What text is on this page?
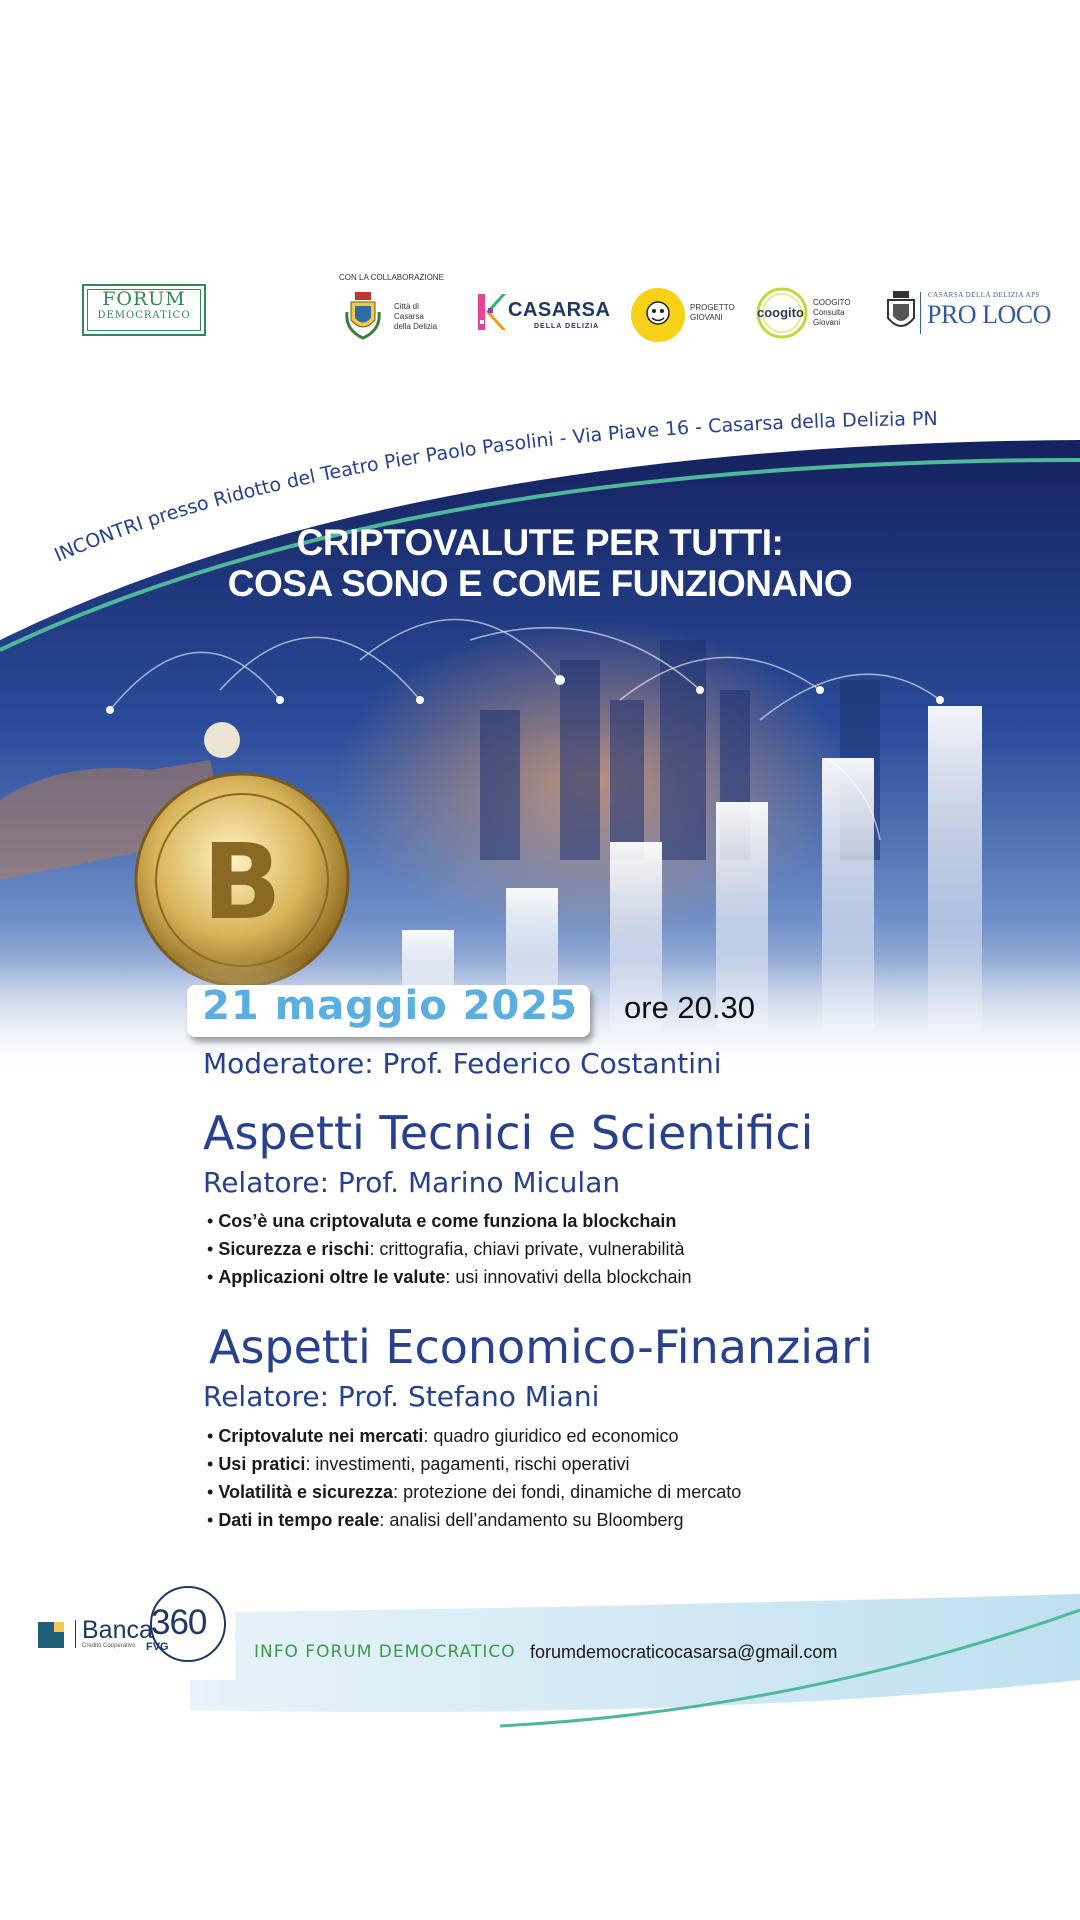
FORUM
DEMOCRATICO
CON LA COLLABORAZIONE
Città di
Casarsa
della Delizia
CASARSA
DELLA DELIZIA
PROGETTO
GIOVANI	coogito
COOGITO
Consulta
Giovani
CASARSA DELLA DELIZIA APS
PRO LOCO
B
INCONTRI presso Ridotto del Teatro Pier Paolo Pasolini - Via Piave 16 - Casarsa della Delizia PN
CRIPTOVALUTE PER TUTTI:
COSA SONO E COME FUNZIONANO
21 maggio 2025 ore 20.30
Moderatore: Prof. Federico Costantini
Aspetti Tecnici e Scientifici
Relatore: Prof. Marino Miculan
• Cos’è una criptovaluta e come funziona la blockchain
• Sicurezza e rischi: crittografia, chiavi private, vulnerabilità
• Applicazioni oltre le valute: usi innovativi della blockchain
Aspetti Economico-Finanziari
Relatore: Prof. Stefano Miani
• Criptovalute nei mercati: quadro giuridico ed economico
• Usi pratici: investimenti, pagamenti, rischi operativi
• Volatilità e sicurezza: protezione dei fondi, dinamiche di mercato
• Dati in tempo reale: analisi dell’andamento su Bloomberg
Banca
Credito Cooperativo
360
FVG	INFO FORUM DEMOCRATICO forumdemocraticocasarsa@gmail.com
